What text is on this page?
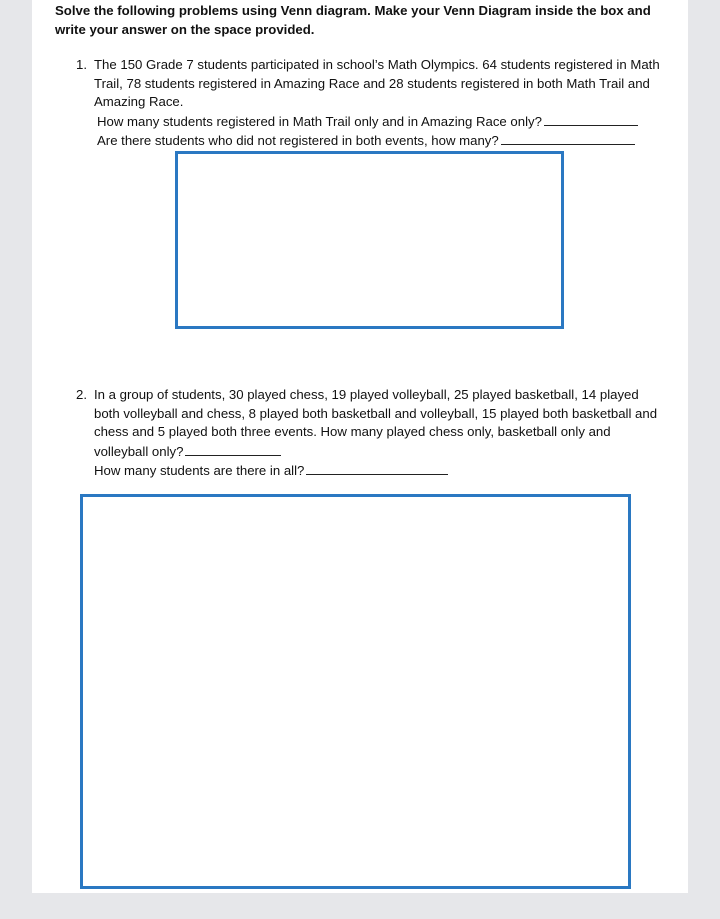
Solve the following problems using Venn diagram. Make your Venn Diagram inside the box and write your answer on the space provided.
1. The 150 Grade 7 students participated in school’s Math Olympics. 64 students registered in Math Trail, 78 students registered in Amazing Race and 28 students registered in both Math Trail and Amazing Race.

How many students registered in Math Trail only and in Amazing Race only?
Are there students who did not registered in both events, how many?
2. In a group of students, 30 played chess, 19 played volleyball, 25 played basketball, 14 played both volleyball and chess, 8 played both basketball and volleyball, 15 played both basketball and chess and 5 played both three events. How many played chess only, basketball only and volleyball only?

How many students are there in all?
